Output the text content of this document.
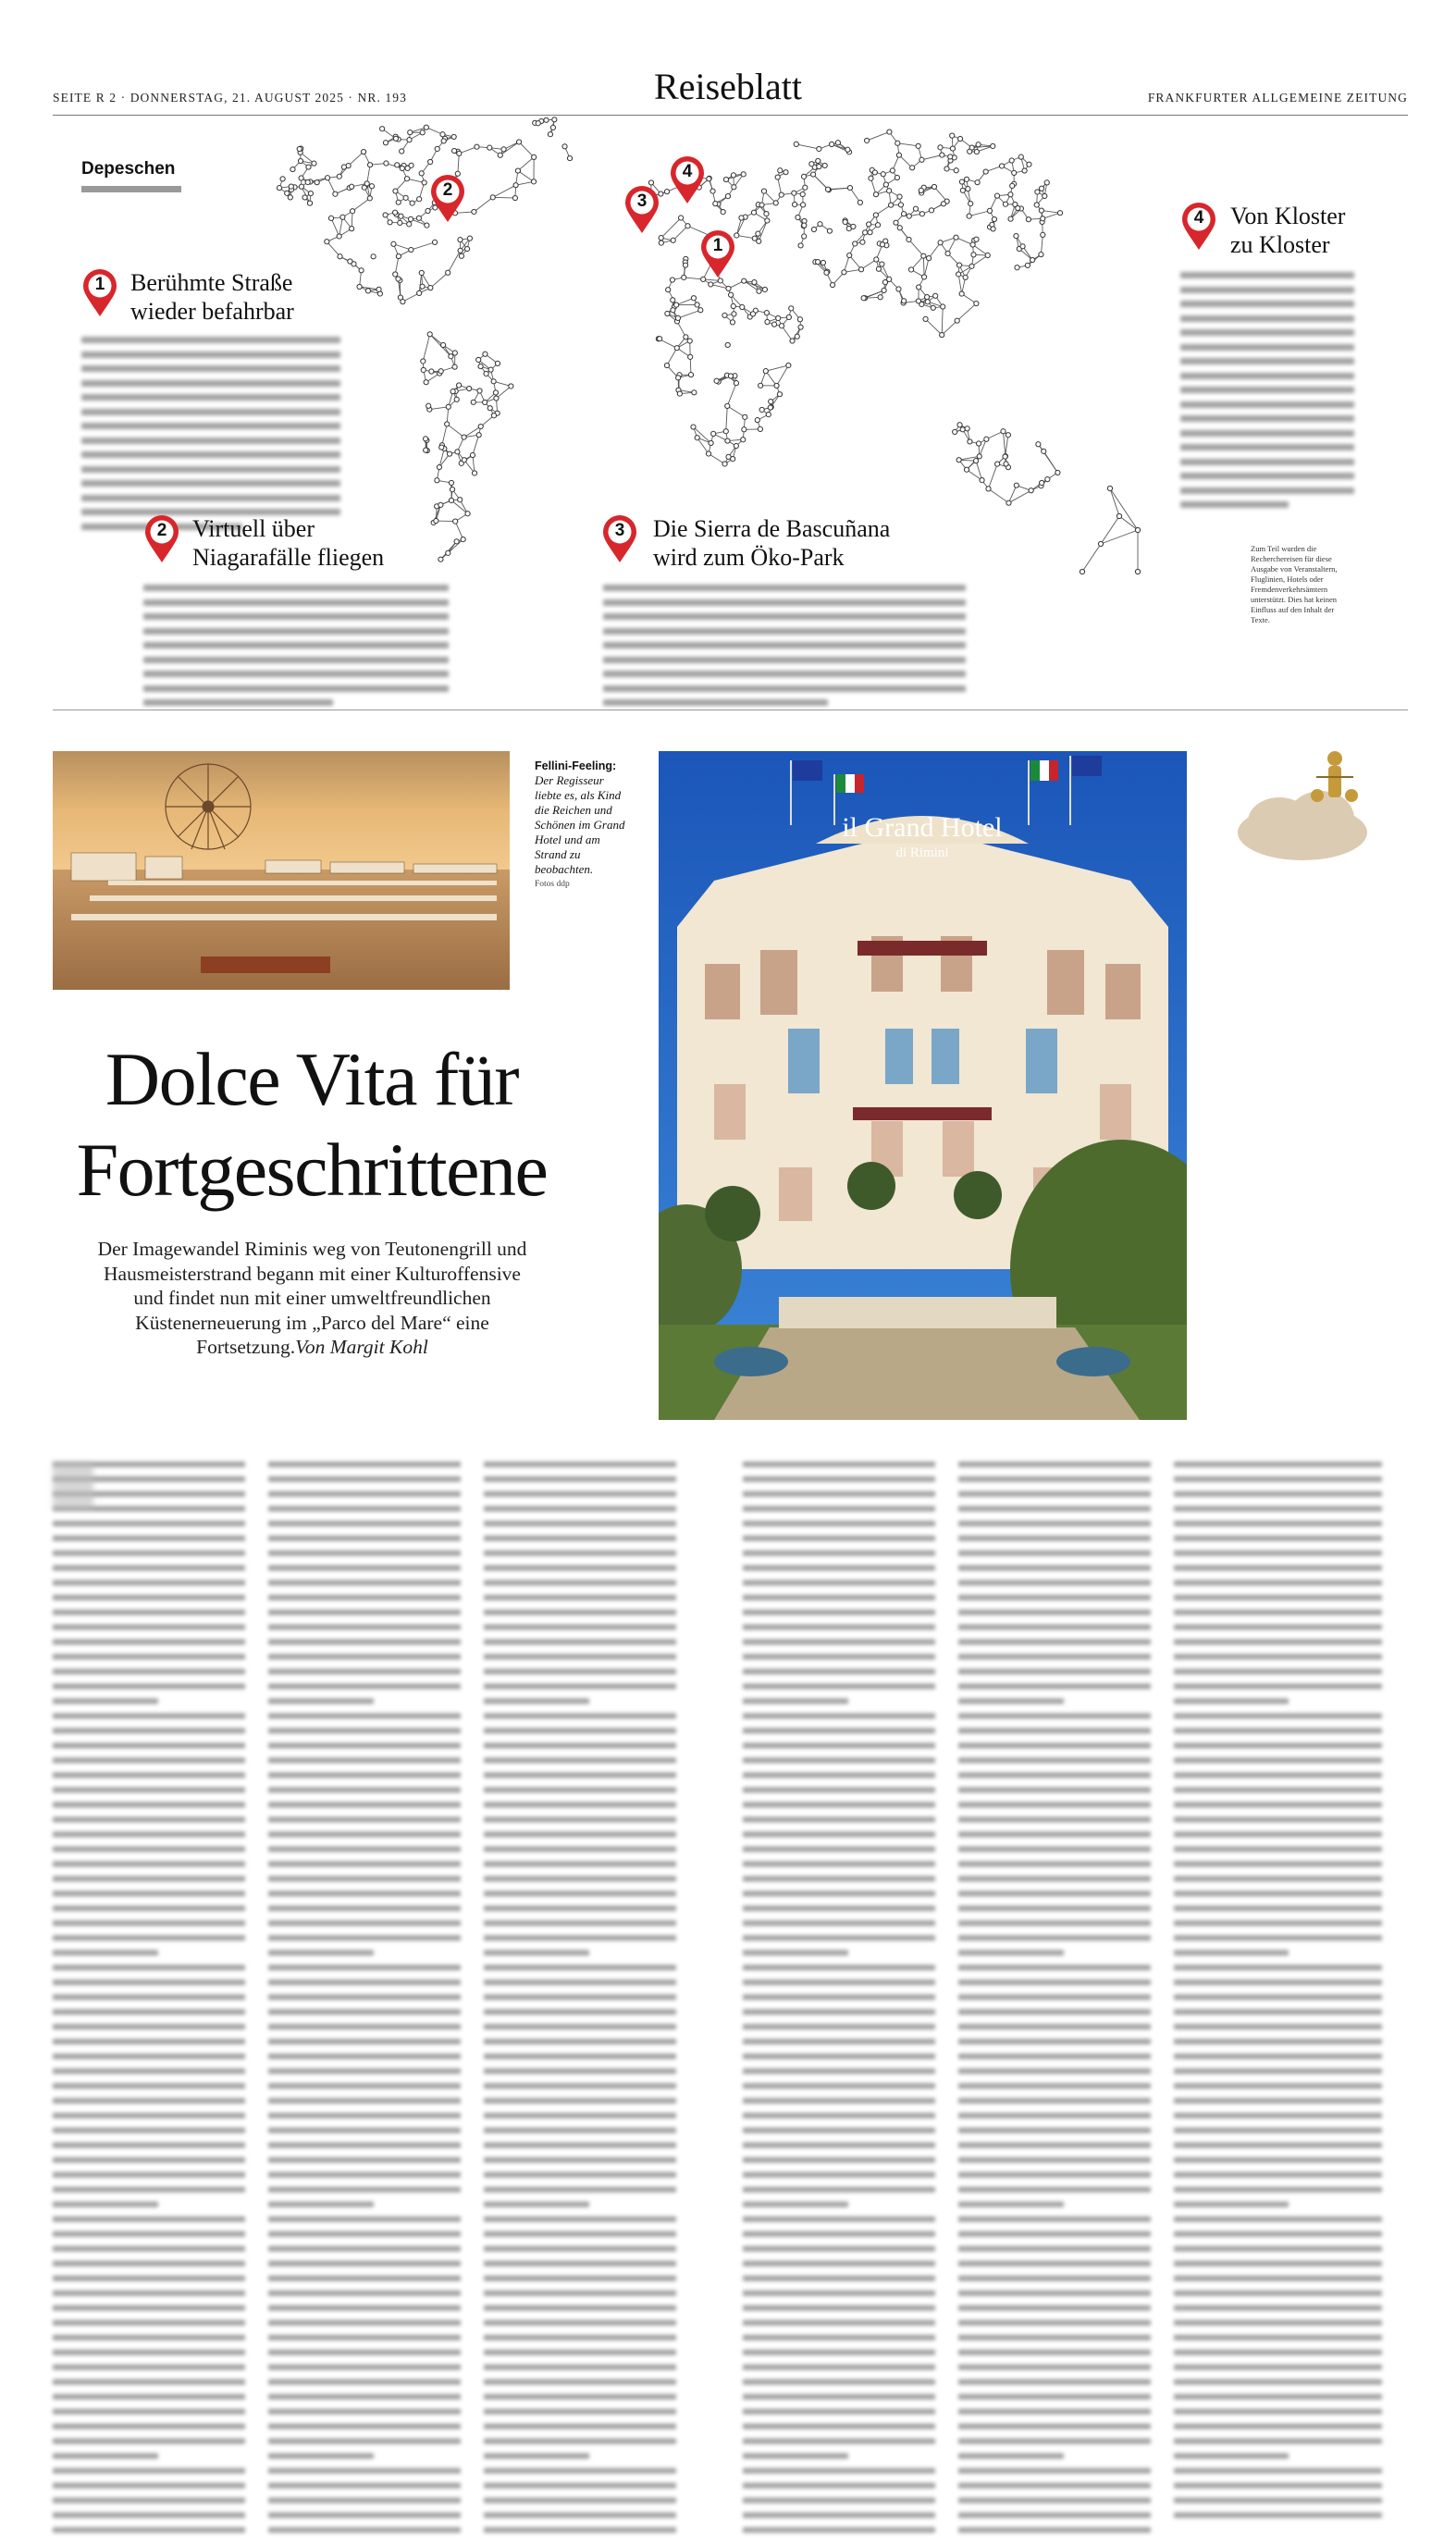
SEITE R 2 · DONNERSTAG, 21. AUGUST 2025 · NR. 193	Reiseblatt	FRANKFURTER ALLGEMEINE ZEITUNG
Depeschen
1
2
3
4
1	Berühmte Straße
wieder befahrbar
2	Virtuell über
Niagarafälle fliegen
3	Die Sierra de Bascuñana
wird zum Öko-Park
4	Von Kloster
zu Kloster
Zum Teil wurden die Recherchereisen für diese Ausgabe von Veranstaltern, Fluglinien, Hotels oder Fremdenverkehrsämtern unterstützt. Dies hat keinen Einfluss auf den Inhalt der Texte.
Fellini-Feeling:
Der Regisseur liebte es, als Kind die Reichen und Schönen im Grand Hotel und am Strand zu beobachten.
Fotos ddp
il Grand Hotel
di Rimini
Dolce Vita für Fortgeschrittene
Der Imagewandel Riminis weg von Teutonengrill und Hausmeisterstrand begann mit einer Kulturoffensive und findet nun mit einer umweltfreundlichen Küstenerneuerung im „Parco del Mare“ eine Fortsetzung.Von Margit Kohl
